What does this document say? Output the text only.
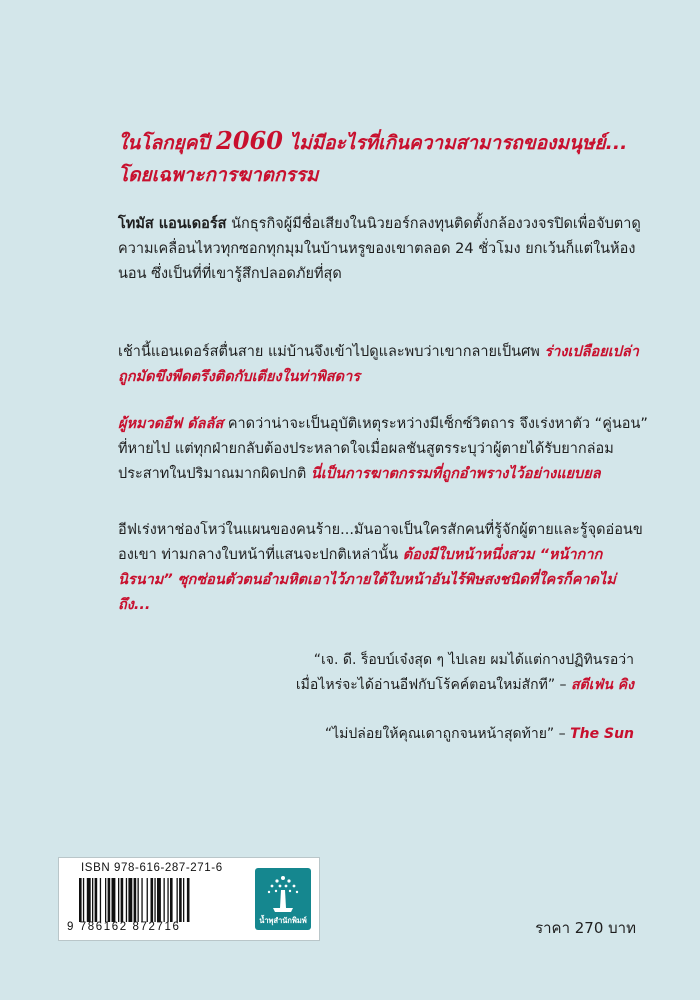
ในโลกยุคปี 2060 ไม่มีอะไรที่เกินความสามารถของมนุษย์...
โดยเฉพาะการฆาตกรรม
โทมัส แอนเดอร์ส นักธุรกิจผู้มีชื่อเสียงในนิวยอร์กลงทุนติดตั้งกล้องวงจรปิดเพื่อจับตาดูความเคลื่อนไหวทุกซอกทุกมุมในบ้านหรูของเขาตลอด 24 ชั่วโมง ยกเว้นก็แต่ในห้องนอน ซึ่งเป็นที่ที่เขารู้สึกปลอดภัยที่สุด
เช้านี้แอนเดอร์สตื่นสาย แม่บ้านจึงเข้าไปดูและพบว่าเขากลายเป็นศพ ร่างเปลือยเปล่าถูกมัดขึงพืดตรึงติดกับเตียงในท่าพิสดาร
ผู้หมวดอีฟ ดัลลัส คาดว่าน่าจะเป็นอุบัติเหตุระหว่างมีเซ็กซ์วิตถาร จึงเร่งหาตัว “คู่นอน” ที่หายไป แต่ทุกฝ่ายกลับต้องประหลาดใจเมื่อผลชันสูตรระบุว่าผู้ตายได้รับยากล่อมประสาทในปริมาณมากผิดปกติ นี่เป็นการฆาตกรรมที่ถูกอำพรางไว้อย่างแยบยล
อีฟเร่งหาช่องโหว่ในแผนของคนร้าย...มันอาจเป็นใครสักคนที่รู้จักผู้ตายและรู้จุดอ่อนของเขา ท่ามกลางใบหน้าที่แสนจะปกติเหล่านั้น ต้องมีใบหน้าหนึ่งสวม “หน้ากากนิรนาม” ซุกซ่อนตัวตนอำมหิตเอาไว้ภายใต้ใบหน้าอันไร้พิษสงชนิดที่ใครก็คาดไม่ถึง...
“เจ. ดี. ร็อบบ์เจ๋งสุด ๆ ไปเลย ผมได้แต่กางปฏิทินรอว่า
เมื่อไหร่จะได้อ่านอีฟกับโร้คค์ตอนใหม่สักที” – สตีเฟ่น คิง
“ไม่ปล่อยให้คุณเดาถูกจนหน้าสุดท้าย” – The Sun
ISBN 978-616-287-271-6
9 786162 872716
น้ำพุสำนักพิมพ์	ราคา 270 บาท
